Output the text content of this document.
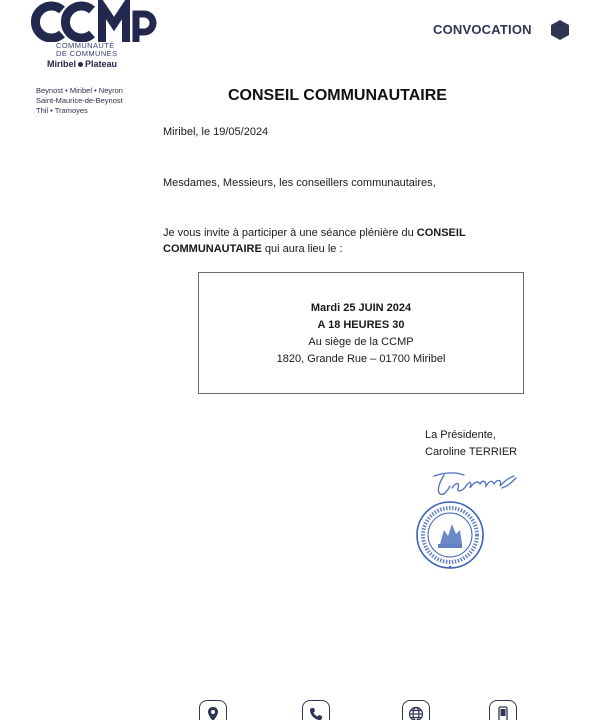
COMMUNAUTÉ
DE COMMUNES
Miribel Plateau
Beynost • Miribel • Neyron
Saint-Maurice-de-Beynost
Thil • Tramoyes
CONVOCATION
CONSEIL COMMUNAUTAIRE
Miribel, le 19/05/2024
Mesdames, Messieurs, les conseillers communautaires,
Je vous invite à participer à une séance plénière du CONSEIL COMMUNAUTAIRE qui aura lieu le :
Mardi 25 JUIN 2024
A 18 HEURES 30
Au siège de la CCMP
1820, Grande Rue – 01700 Miribel
La Présidente,
Caroline TERRIER
